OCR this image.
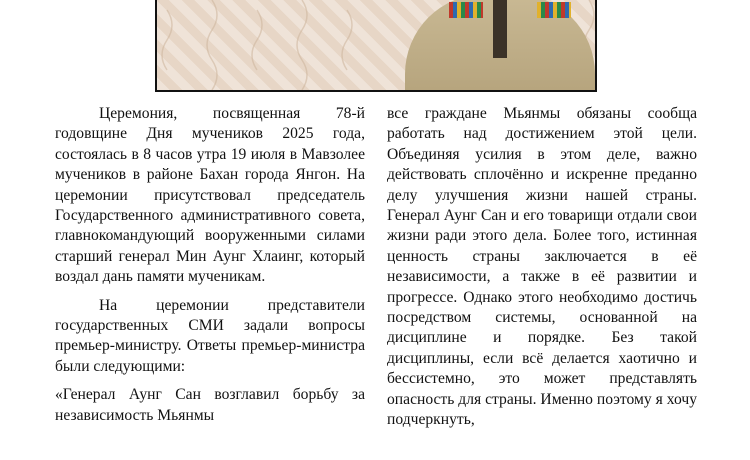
Церемония, посвященная 78-й годовщине Дня мучеников 2025 года, состоялась в 8 часов утра 19 июля в Мавзолее мучеников в районе Бахан города Янгон. На церемонии присутствовал председатель Государственного административного совета, главнокомандующий вооруженными силами старший генерал Мин Аунг Хлаинг, который воздал дань памяти мученикам.

На церемонии представители государственных СМИ задали вопросы премьер-министру. Ответы премьер-министра были следующими:

«Генерал Аунг Сан возглавил борьбу за независимость Мьянмы

все граждане Мьянмы обязаны сообща работать над достижением этой цели. Объединяя усилия в этом деле, важно действовать сплочённо и искренне преданно делу улучшения жизни нашей страны. Генерал Аунг Сан и его товарищи отдали свои жизни ради этого дела. Более того, истинная ценность страны заключается в её независимости, а также в её развитии и прогрессе. Однако этого необходимо достичь посредством системы, основанной на дисциплине и порядке. Без такой дисциплины, если всё делается хаотично и бессистемно, это может представлять опасность для страны. Именно поэтому я хочу подчеркнуть,
